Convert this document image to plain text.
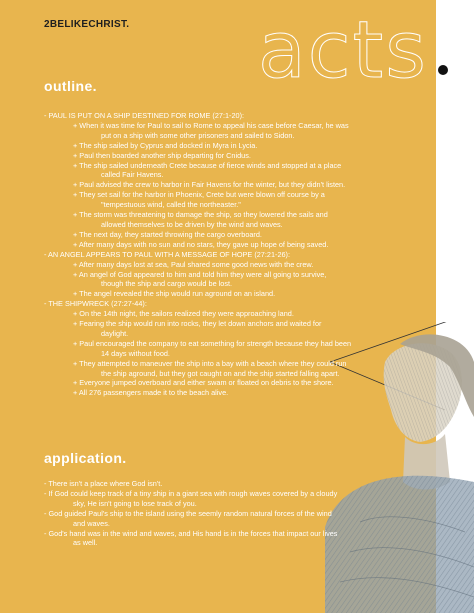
2BELIKECHRIST. acts
outline.
- PAUL IS PUT ON A SHIP DESTINED FOR ROME (27:1-20):
+ When it was time for Paul to sail to Rome to appeal his case before Caesar, he was
put on a ship with some other prisoners and sailed to Sidon.
+ The ship sailed by Cyprus and docked in Myra in Lycia.
+ Paul then boarded another ship departing for Cnidus.
+ The ship sailed underneath Crete because of fierce winds and stopped at a place
called Fair Havens.
+ Paul advised the crew to harbor in Fair Havens for the winter, but they didn't listen.
+ They set sail for the harbor in Phoenix, Crete but were blown off course by a
"tempestuous wind, called the northeaster."
+ The storm was threatening to damage the ship, so they lowered the sails and
allowed themselves to be driven by the wind and waves.
+ The next day, they started throwing the cargo overboard.
+ After many days with no sun and no stars, they gave up hope of being saved.
- AN ANGEL APPEARS TO PAUL WITH A MESSAGE OF HOPE (27:21-26):
+ After many days lost at sea, Paul shared some good news with the crew.
+ An angel of God appeared to him and told him they were all going to survive,
though the ship and cargo would be lost.
+ The angel revealed the ship would run aground on an island.
- THE SHIPWRECK (27:27-44):
+ On the 14th night, the sailors realized they were approaching land.
+ Fearing the ship would run into rocks, they let down anchors and waited for
daylight.
+ Paul encouraged the company to eat something for strength because they had been
14 days without food.
+ They attempted to maneuver the ship into a bay with a beach where they could run
the ship aground, but they got caught on and the ship started falling apart.
+ Everyone jumped overboard and either swam or floated on debris to the shore.
+ All 276 passengers made it to the beach alive.
application.
- There isn't a place where God isn't.
- If God could keep track of a tiny ship in a giant sea with rough waves covered by a cloudy
sky, He isn't going to lose track of you.
- God guided Paul's ship to the island using the seemly random natural forces of the wind
and waves.
- God's hand was in the wind and waves, and His hand is in the forces that impact our lives
as well.
